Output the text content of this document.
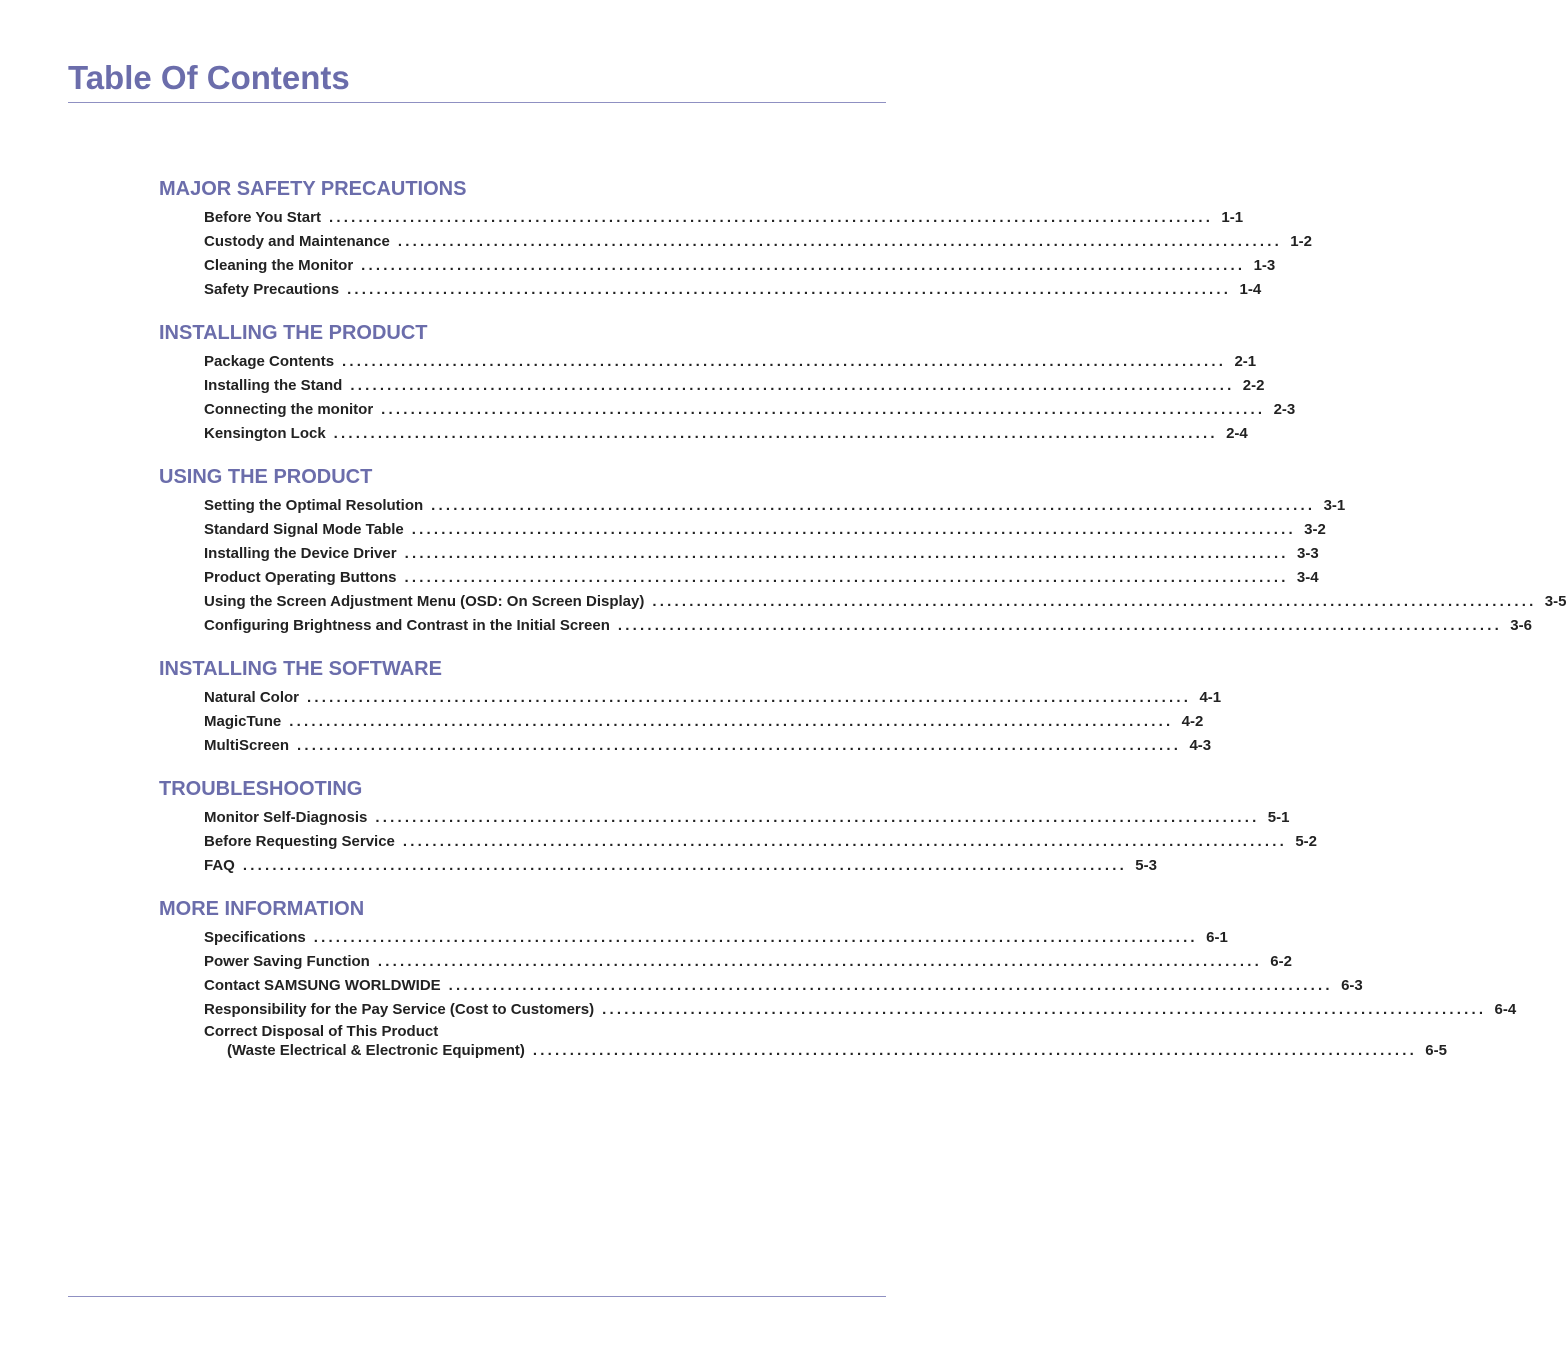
Table Of Contents
MAJOR SAFETY PRECAUTIONS
Before You Start ........................................................................................................................ 1-1
Custody and Maintenance ........................................................................................................................ 1-2
Cleaning the Monitor ........................................................................................................................ 1-3
Safety Precautions ........................................................................................................................ 1-4
INSTALLING THE PRODUCT
Package Contents ........................................................................................................................ 2-1
Installing the Stand ........................................................................................................................ 2-2
Connecting the monitor ........................................................................................................................ 2-3
Kensington Lock ........................................................................................................................ 2-4
USING THE PRODUCT
Setting the Optimal Resolution ........................................................................................................................ 3-1
Standard Signal Mode Table ........................................................................................................................ 3-2
Installing the Device Driver ........................................................................................................................ 3-3
Product Operating Buttons ........................................................................................................................ 3-4
Using the Screen Adjustment Menu (OSD: On Screen Display) ........................................................................................................................ 3-5
Configuring Brightness and Contrast in the Initial Screen ........................................................................................................................ 3-6
INSTALLING THE SOFTWARE
Natural Color ........................................................................................................................ 4-1
MagicTune ........................................................................................................................ 4-2
MultiScreen ........................................................................................................................ 4-3
TROUBLESHOOTING
Monitor Self-Diagnosis ........................................................................................................................ 5-1
Before Requesting Service ........................................................................................................................ 5-2
FAQ ........................................................................................................................ 5-3
MORE INFORMATION
Specifications ........................................................................................................................ 6-1
Power Saving Function ........................................................................................................................ 6-2
Contact SAMSUNG WORLDWIDE ........................................................................................................................ 6-3
Responsibility for the Pay Service (Cost to Customers) ........................................................................................................................ 6-4
Correct Disposal of This Product
(Waste Electrical & Electronic Equipment) ........................................................................................................................ 6-5
